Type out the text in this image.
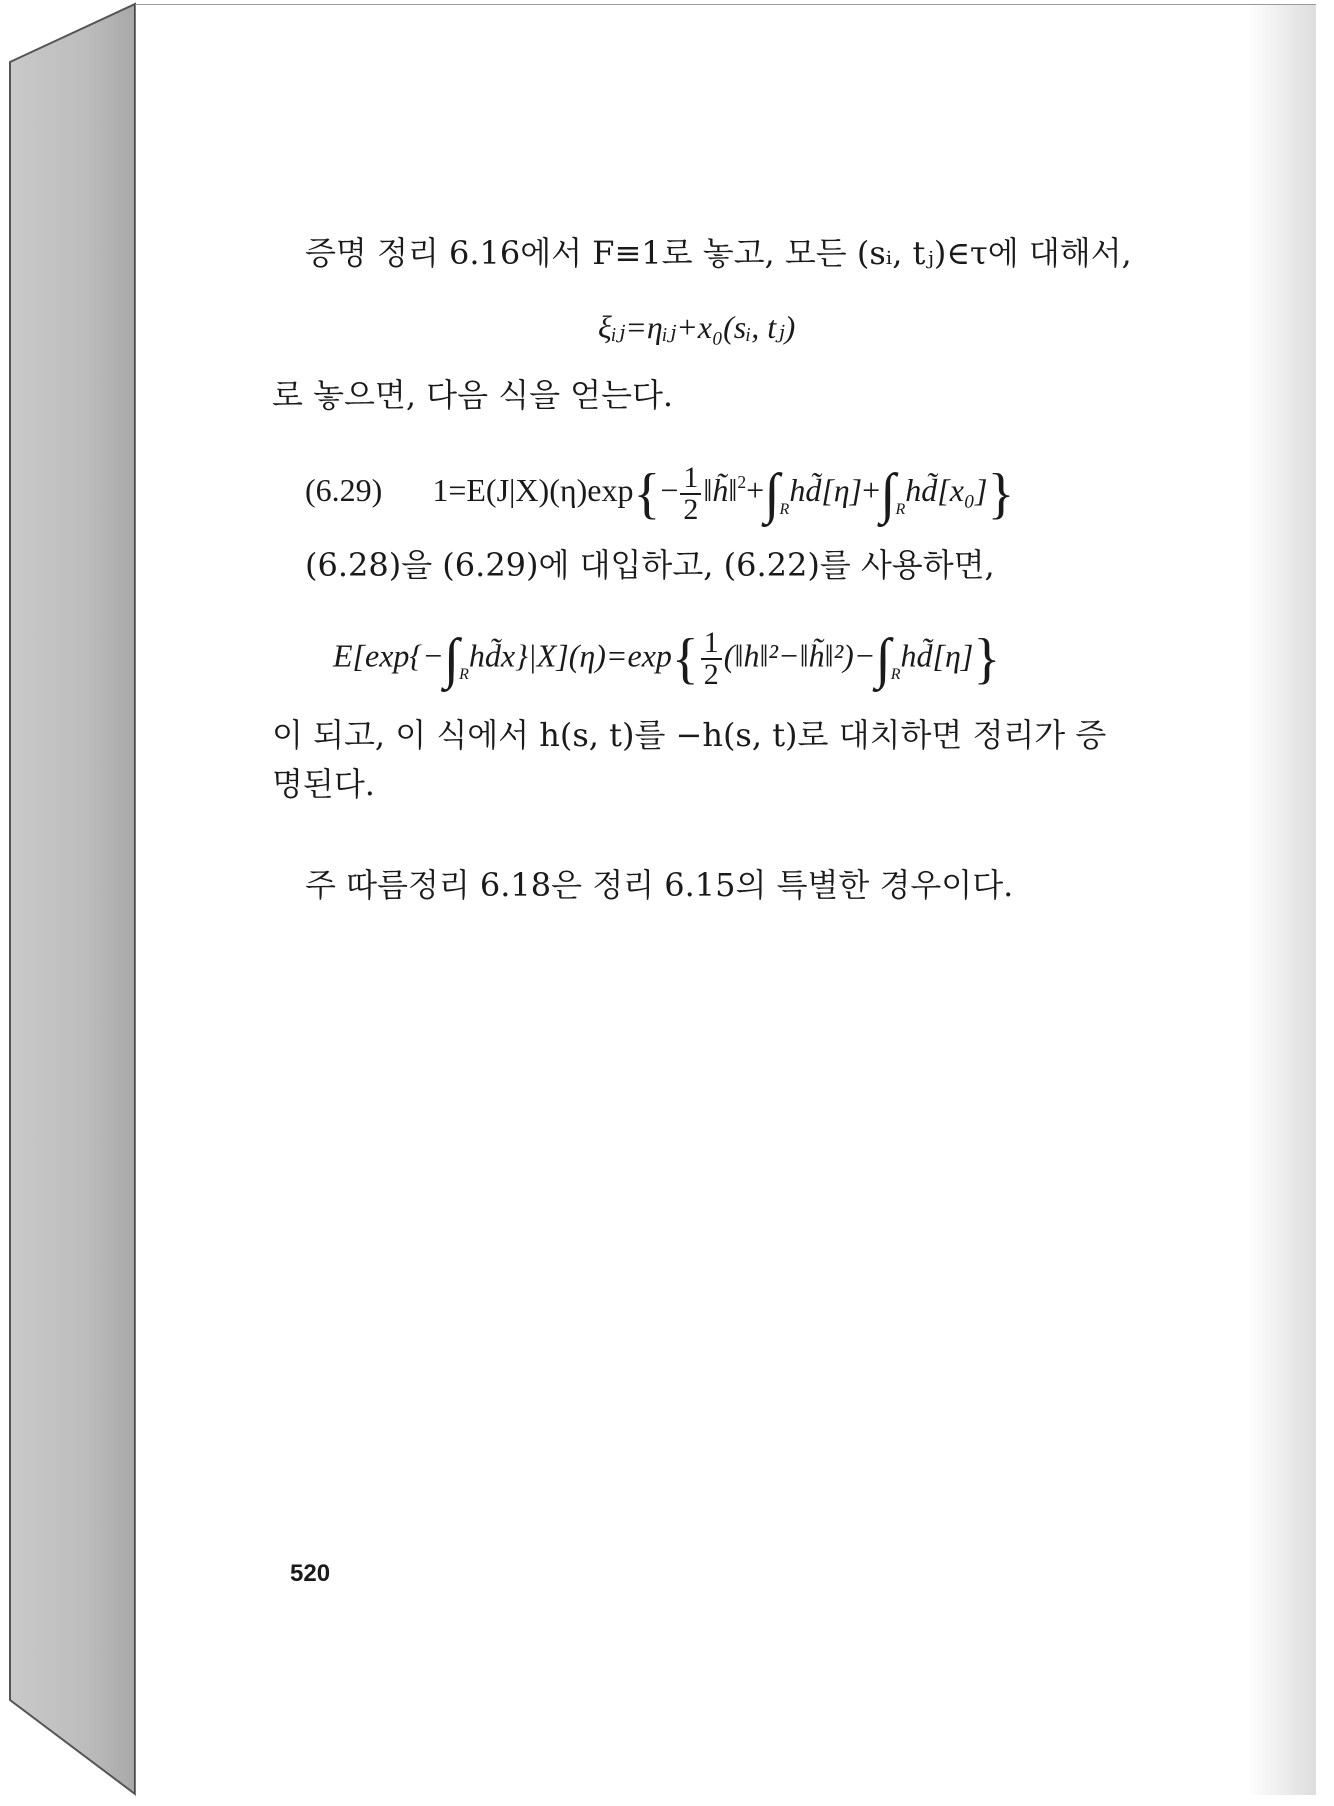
증명 정리 6.16에서 F≡1로 놓고, 모든 (sᵢ, tⱼ)∈τ에 대해서,
ξᵢⱼ=ηᵢⱼ+x₀(sᵢ, tⱼ)
로 놓으면, 다음 식을 얻는다.
(6.29) $1=E(J|X)(\eta)\exp\{- \frac{1}{2}$ $‖h̃‖^2+\int_Rhd̃[\eta]+\int_Rhd̃[x_0]$}
(6.28)을 (6.29)에 대입하고, (6.22)를 사용하면,
$E[\exp\{-\int_Rhd̃x\}|X](\eta)=\exp\{ \frac{1}{2}$ $(‖h‖^2-‖h̃‖^2)-\int_Rhd̃[\eta]$}
이 되고, 이 식에서 h(s, t)를 −h(s, t)로 대치하면 정리가 증
명된다.
주 따름정리 6.18은 정리 6.15의 특별한 경우이다.
520
